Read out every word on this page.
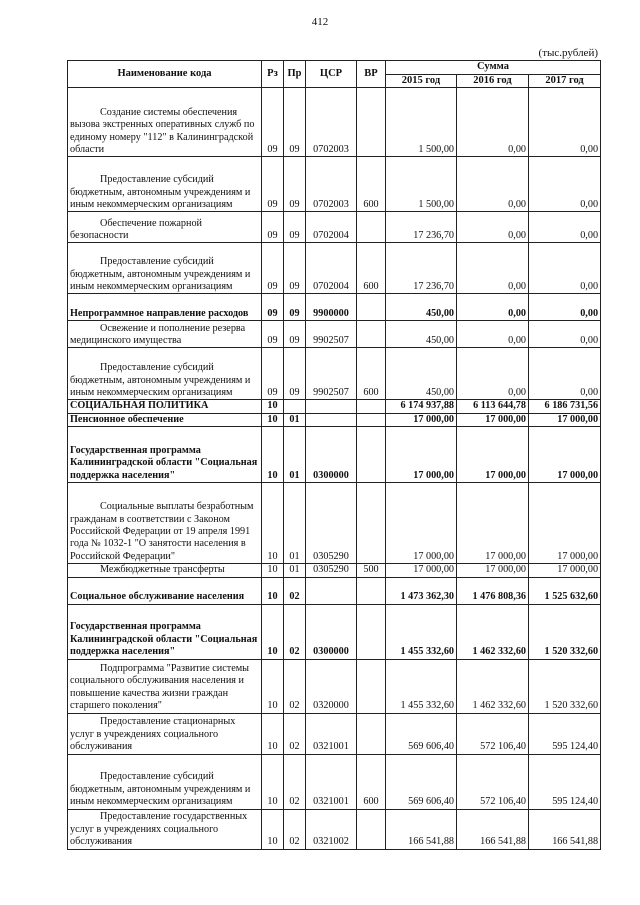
412
(тыс.рублей)
Наименование кода	Рз	Пр	ЦСР	ВР	Сумма		
					2015 год	2016 год	2017 год
Создание системы обеспечения вызова экстренных оперативных служб по единому номеру "112" в Калининградской области	09	09	0702003		1 500,00	0,00	0,00
Предоставление субсидий бюджетным, автономным учреждениям и иным некоммерческим организациям	09	09	0702003	600	1 500,00	0,00	0,00
Обеспечение пожарной безопасности	09	09	0702004		17 236,70	0,00	0,00
Предоставление субсидий бюджетным, автономным учреждениям и иным некоммерческим организациям	09	09	0702004	600	17 236,70	0,00	0,00
Непрограммное направление расходов	09	09	9900000		450,00	0,00	0,00
Освежение и пополнение резерва медицинского имущества	09	09	9902507		450,00	0,00	0,00
Предоставление субсидий бюджетным, автономным учреждениям и иным некоммерческим организациям	09	09	9902507	600	450,00	0,00	0,00
СОЦИАЛЬНАЯ ПОЛИТИКА	10				6 174 937,88	6 113 644,78	6 186 731,56
Пенсионное обеспечение	10	01			17 000,00	17 000,00	17 000,00
Государственная программа Калининградской области "Социальная поддержка населения"	10	01	0300000		17 000,00	17 000,00	17 000,00
Социальные выплаты безработным гражданам в соответствии с Законом Российской Федерации от 19 апреля 1991 года № 1032-1 "О занятости населения в Российской Федерации"	10	01	0305290		17 000,00	17 000,00	17 000,00
Межбюджетные трансферты	10	01	0305290	500	17 000,00	17 000,00	17 000,00
Социальное обслуживание населения	10	02			1 473 362,30	1 476 808,36	1 525 632,60
Государственная программа Калининградской области "Социальная поддержка населения"	10	02	0300000		1 455 332,60	1 462 332,60	1 520 332,60
Подпрограмма "Развитие системы социального обслуживания населения и повышение качества жизни граждан старшего поколения"	10	02	0320000		1 455 332,60	1 462 332,60	1 520 332,60
Предоставление стационарных услуг в учреждениях социального обслуживания	10	02	0321001		569 606,40	572 106,40	595 124,40
Предоставление субсидий бюджетным, автономным учреждениям и иным некоммерческим организациям	10	02	0321001	600	569 606,40	572 106,40	595 124,40
Предоставление государственных услуг в учреждениях социального обслуживания	10	02	0321002		166 541,88	166 541,88	166 541,88
